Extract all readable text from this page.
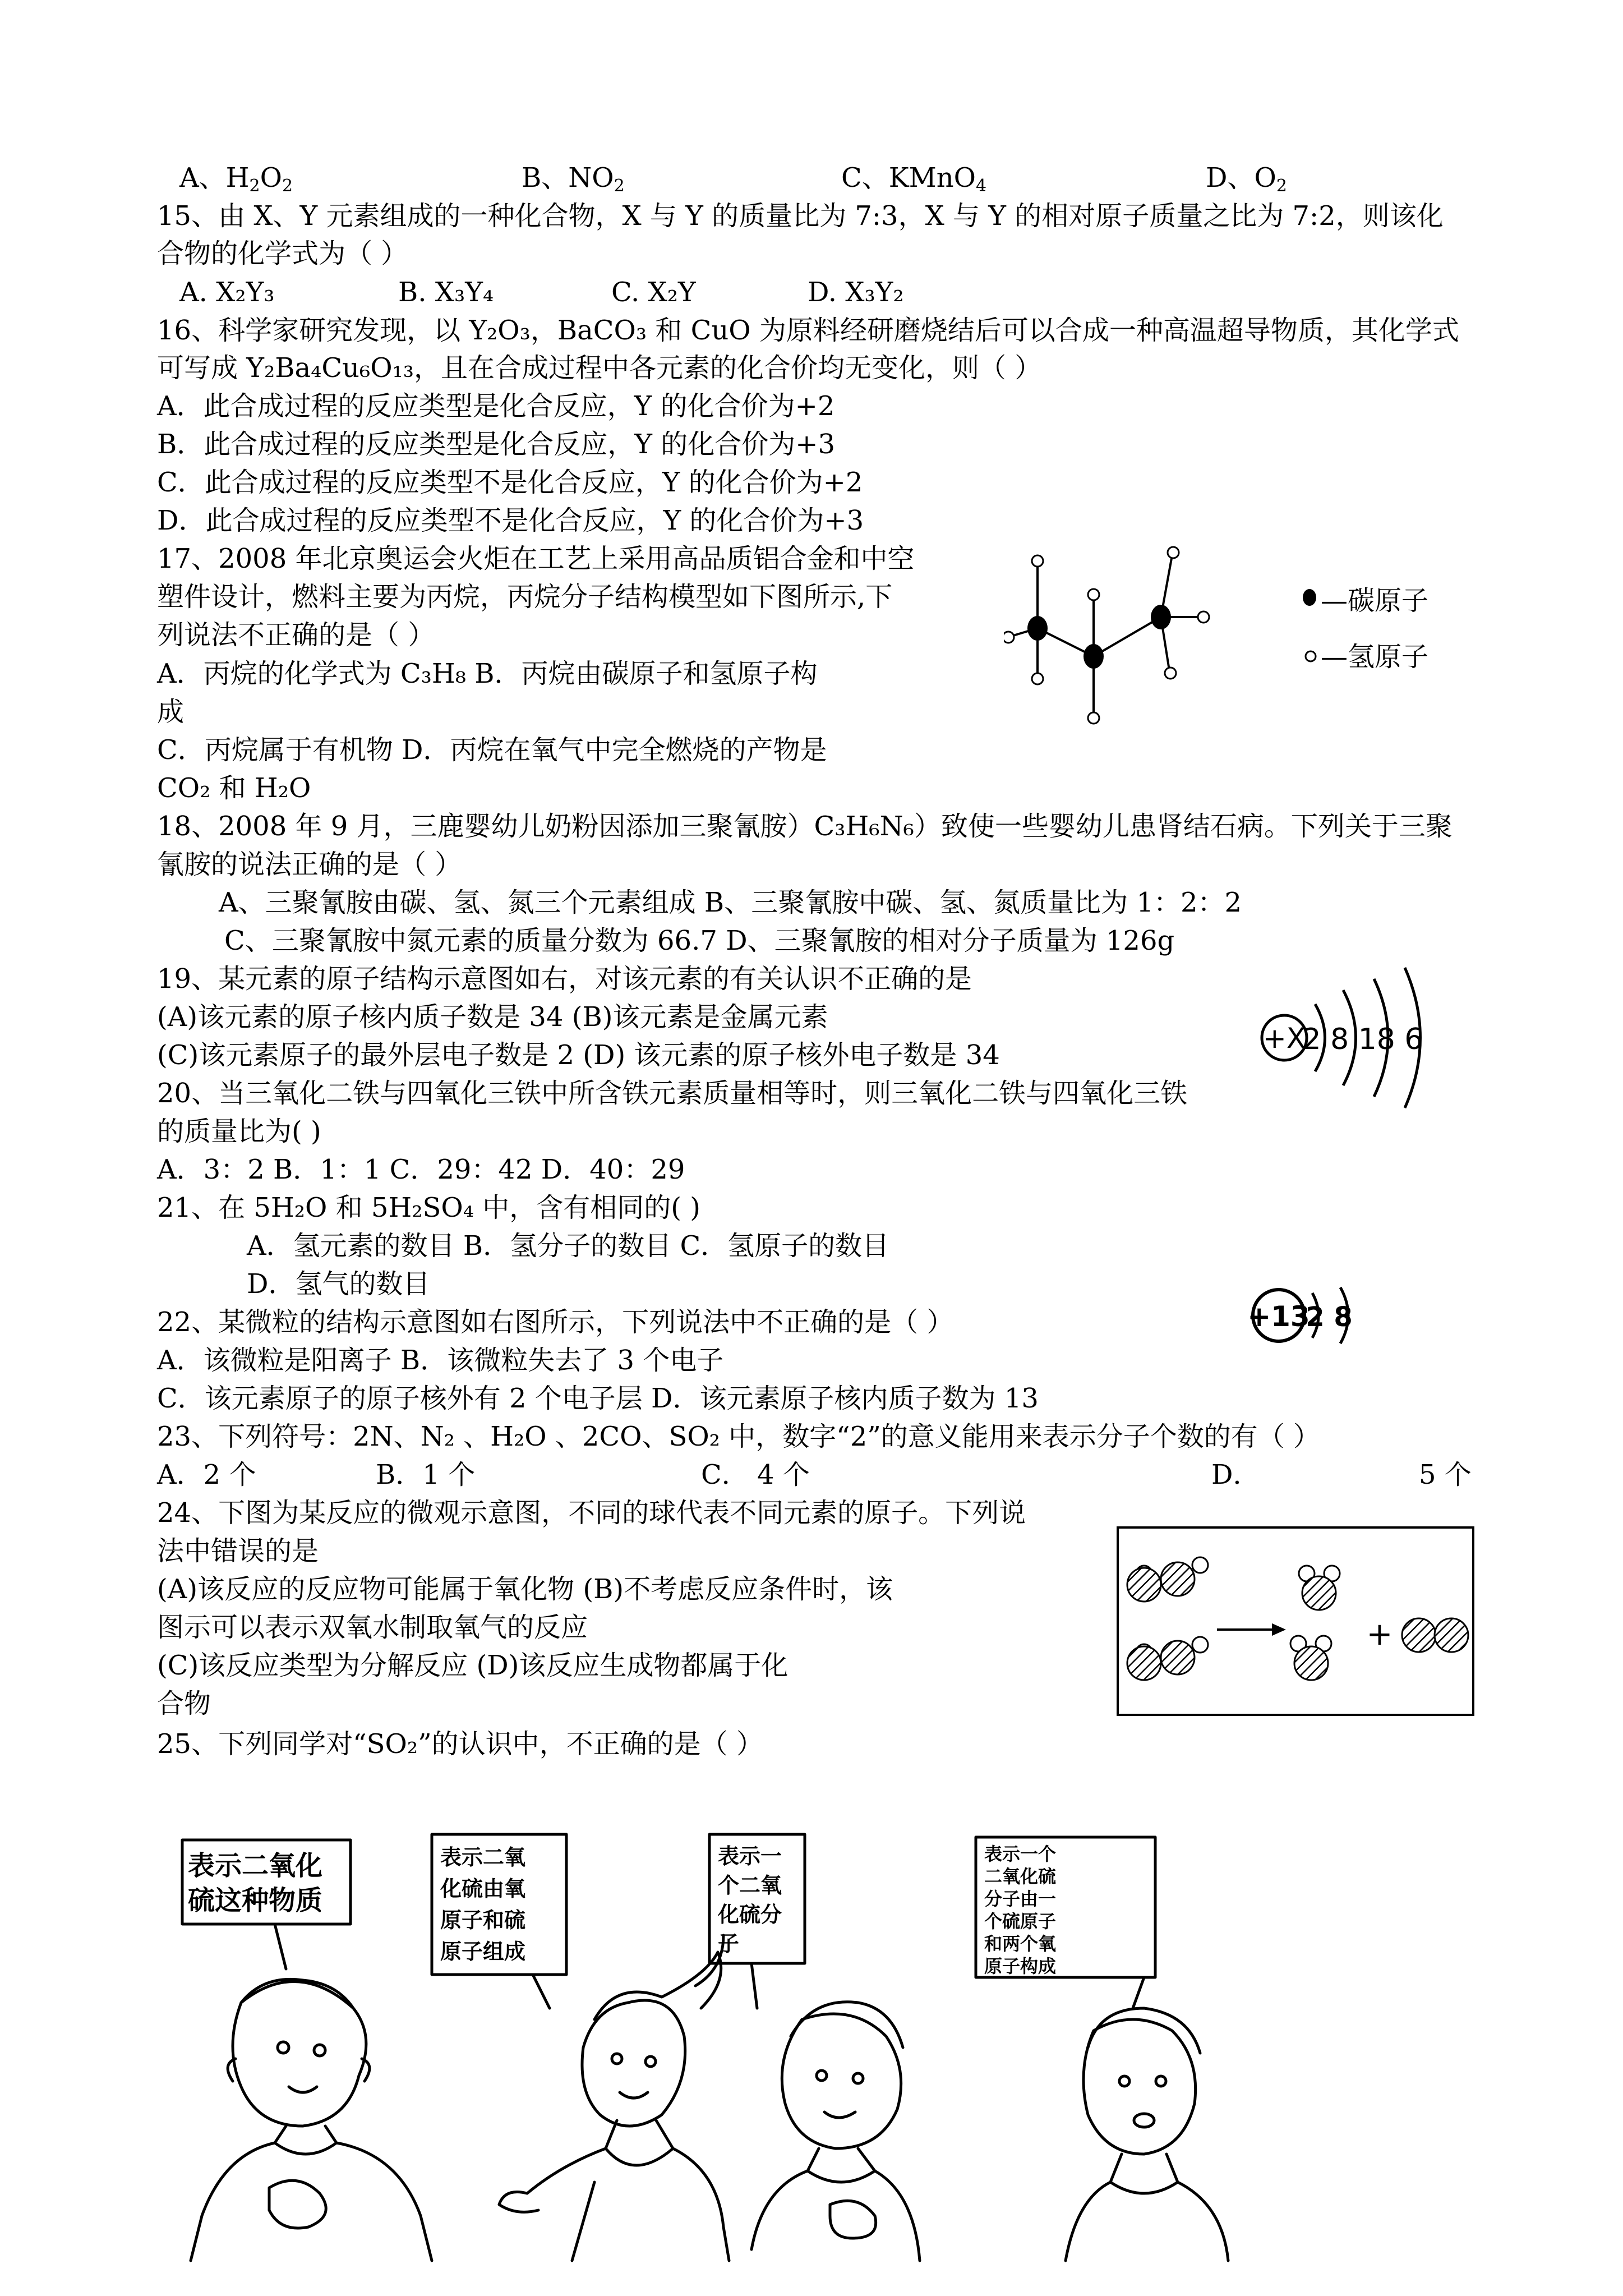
A、$H_2O_2$	B、$NO_2$	C、KMnO$_4$	D、$O_2$
15、由 X、Y 元素组成的一种化合物，X 与 Y 的质量比为 7:3，X 与 Y 的相对原子质量之比为 7:2，则该化
合物的化学式为（ ）
A. X₂Y₃	B. X₃Y₄	C. X₂Y	D. X₃Y₂
16、科学家研究发现，以 Y₂O₃，BaCO₃ 和 CuO 为原料经研磨烧结后可以合成一种高温超导物质，其化学式
可写成 Y₂Ba₄Cu₆O₁₃，且在合成过程中各元素的化合价均无变化，则（ ）
A．此合成过程的反应类型是化合反应，Y 的化合价为+2
B．此合成过程的反应类型是化合反应，Y 的化合价为+3
C．此合成过程的反应类型不是化合反应，Y 的化合价为+2
D．此合成过程的反应类型不是化合反应，Y 的化合价为+3
17、2008 年北京奥运会火炬在工艺上采用高品质铝合金和中空
塑件设计，燃料主要为丙烷，丙烷分子结构模型如下图所示,下
列说法不正确的是（ ）
A．丙烷的化学式为 C₃H₈ B．丙烷由碳原子和氢原子构
成
C．丙烷属于有机物 D．丙烷在氧气中完全燃烧的产物是
CO₂ 和 H₂O
—碳原子
—氢原子
18、2008 年 9 月，三鹿婴幼儿奶粉因添加三聚氰胺）C₃H₆N₆）致使一些婴幼儿患肾结石病。下列关于三聚
氰胺的说法正确的是（ ）
A、三聚氰胺由碳、氢、氮三个元素组成 B、三聚氰胺中碳、氢、氮质量比为 1：2：2
C、三聚氰胺中氮元素的质量分数为 66.7 D、三聚氰胺的相对分子质量为 126g
19、某元素的原子结构示意图如右，对该元素的有关认识不正确的是
(A)该元素的原子核内质子数是 34 (B)该元素是金属元素
(C)该元素原子的最外层电子数是 2 (D) 该元素的原子核外电子数是 34
+X
2 8 18 6
20、当三氧化二铁与四氧化三铁中所含铁元素质量相等时，则三氧化二铁与四氧化三铁
的质量比为( )
A．3：2 B．1：1 C．29：42 D．40：29
21、在 5H₂O 和 5H₂SO₄ 中，含有相同的( )
A．氢元素的数目 B．氢分子的数目 C．氢原子的数目
D．氢气的数目
22、某微粒的结构示意图如右图所示，下列说法中不正确的是（ ）
A．该微粒是阳离子 B．该微粒失去了 3 个电子
C．该元素原子的原子核外有 2 个电子层 D．该元素原子核内质子数为 13
+13
2 8
23、下列符号：2N、N₂ 、H₂O 、2CO、SO₂ 中，数字“2”的意义能用来表示分子个数的有（ ）
A．2 个	B．1 个	C． 4 个	D．	5 个
24、下图为某反应的微观示意图，不同的球代表不同元素的原子。下列说
法中错误的是
(A)该反应的反应物可能属于氧化物 (B)不考虑反应条件时，该
图示可以表示双氧水制取氧气的反应
(C)该反应类型为分解反应 (D)该反应生成物都属于化
合物
+
25、下列同学对“SO₂”的认识中，不正确的是（ ）
表示二氧化
硫这种物质
表示二氧
化硫由氧
原子和硫
原子组成
表示一
个二氧
化硫分
子
表示一个
二氧化硫
分子由一
个硫原子
和两个氧
原子构成
